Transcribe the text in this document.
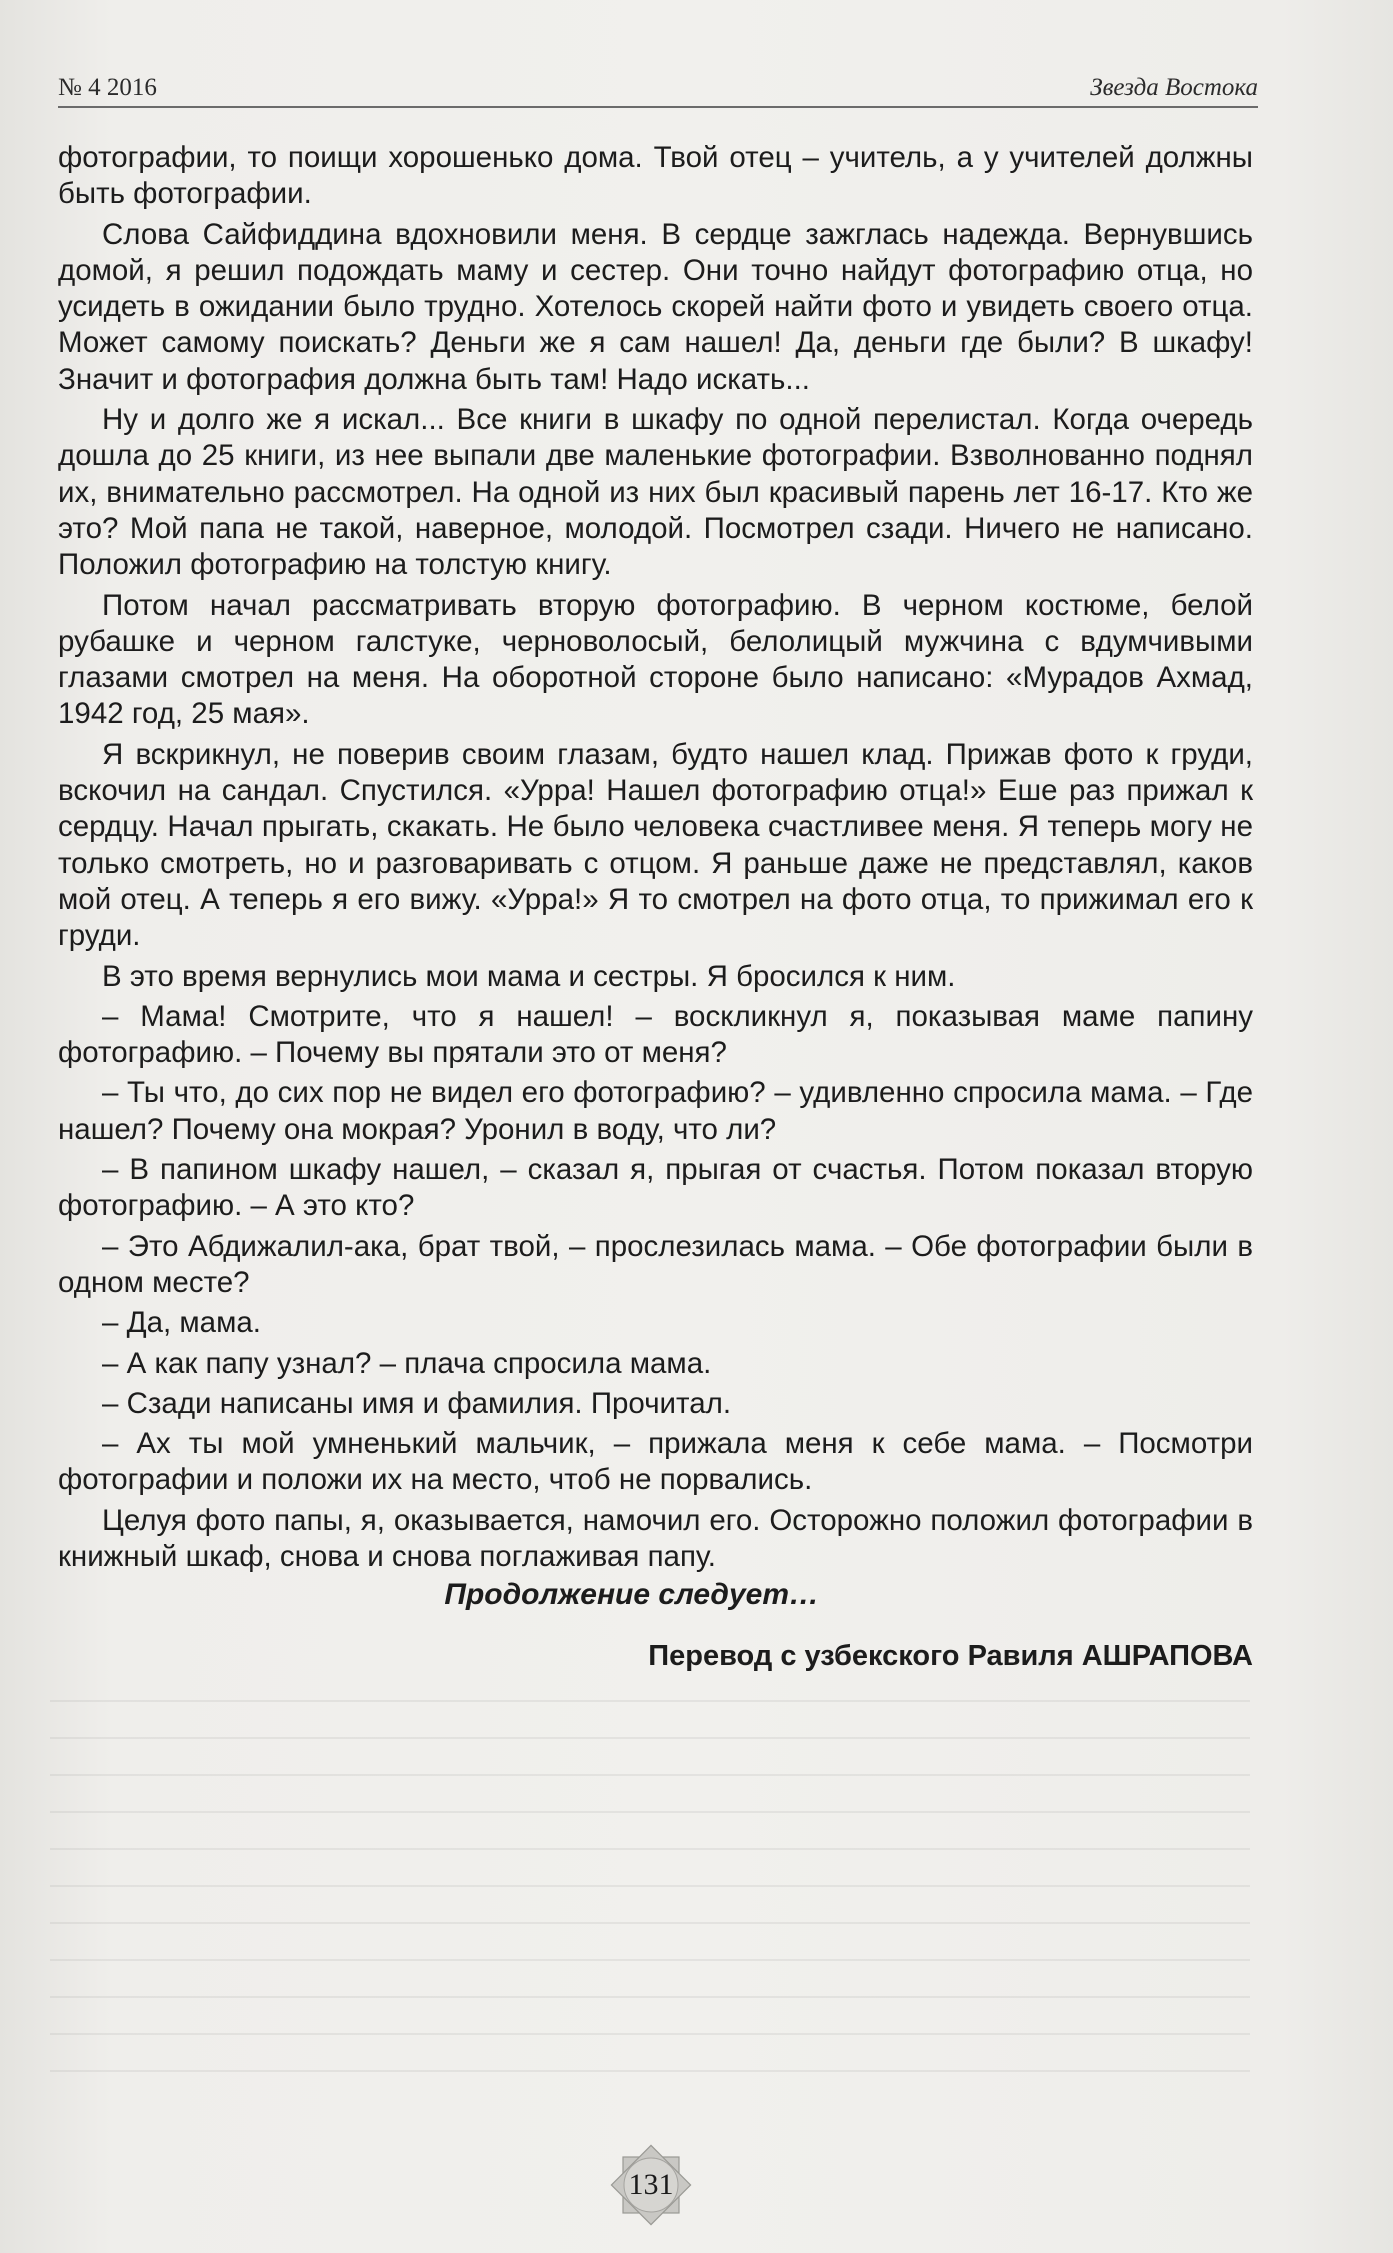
№ 4 2016	Звезда Востока

фотографии, то поищи хорошенько дома. Твой отец – учитель, а у учителей должны быть фотографии.

Слова Сайфиддина вдохновили меня. В сердце зажглась надежда. Вернувшись домой, я решил подождать маму и сестер. Они точно найдут фотографию отца, но усидеть в ожидании было трудно. Хотелось скорей найти фото и увидеть своего отца. Может самому поискать? Деньги же я сам нашел! Да, деньги где были? В шкафу! Значит и фотография должна быть там! Надо искать...

Ну и долго же я искал... Все книги в шкафу по одной перелистал. Когда очередь дошла до 25 книги, из нее выпали две маленькие фотографии. Взволнованно поднял их, внимательно рассмотрел. На одной из них был красивый парень лет 16-17. Кто же это? Мой папа не такой, наверное, молодой. Посмотрел сзади. Ничего не написано. Положил фотографию на толстую книгу.

Потом начал рассматривать вторую фотографию. В черном костюме, белой рубашке и черном галстуке, черноволосый, белолицый мужчина с вдумчивыми глазами смотрел на меня. На оборотной стороне было написано: «Мурадов Ахмад, 1942 год, 25 мая».

Я вскрикнул, не поверив своим глазам, будто нашел клад. Прижав фото к груди, вскочил на сандал. Спустился. «Урра! Нашел фотографию отца!» Еше раз прижал к сердцу. Начал прыгать, скакать. Не было человека счастливее меня. Я теперь могу не только смотреть, но и разговаривать с отцом. Я раньше даже не представлял, каков мой отец. А теперь я его вижу. «Урра!» Я то смотрел на фото отца, то прижимал его к груди.

В это время вернулись мои мама и сестры. Я бросился к ним.

– Мама! Смотрите, что я нашел! – воскликнул я, показывая маме папину фотографию. – Почему вы прятали это от меня?

– Ты что, до сих пор не видел его фотографию? – удивленно спросила мама. – Где нашел? Почему она мокрая? Уронил в воду, что ли?

– В папином шкафу нашел, – сказал я, прыгая от счастья. Потом показал вторую фотографию. – А это кто?

– Это Абдижалил-ака, брат твой, – прослезилась мама. – Обе фотографии были в одном месте?

– Да, мама.

– А как папу узнал? – плача спросила мама.

– Сзади написаны имя и фамилия. Прочитал.

– Ах ты мой умненький мальчик, – прижала меня к себе мама. – Посмотри фотографии и положи их на место, чтоб не порвались.

Целуя фото папы, я, оказывается, намочил его. Осторожно положил фотографии в книжный шкаф, снова и снова поглаживая папу.

Продолжение следует…
Перевод с узбекского Равиля АШРАПОВА
131
